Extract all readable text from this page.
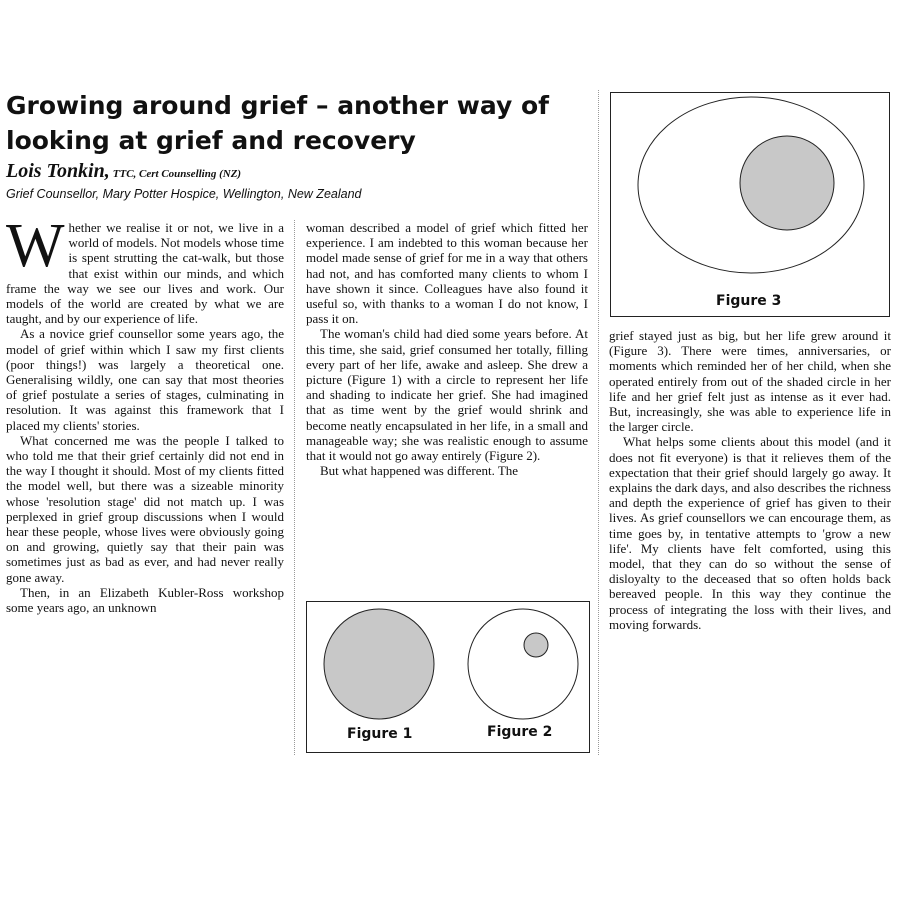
Growing around grief – another way of
looking at grief and recovery
Lois Tonkin, TTC, Cert Counselling (NZ)
Grief Counsellor, Mary Potter Hospice, Wellington, New Zealand

Whether we realise it or not, we live in a world of models. Not models whose time is spent strutting the cat-walk, but those that exist within our minds, and which frame the way we see our lives and work. Our models of the world are created by what we are taught, and by our experience of life.

As a novice grief counsellor some years ago, the model of grief within which I saw my first clients (poor things!) was largely a theoretical one. Generalising wildly, one can say that most theories of grief postulate a series of stages, culminating in resolution. It was against this framework that I placed my clients' stories.

What concerned me was the people I talked to who told me that their grief certainly did not end in the way I thought it should. Most of my clients fitted the model well, but there was a sizeable minority whose 'resolution stage' did not match up. I was perplexed in grief group discussions when I would hear these people, whose lives were obviously going on and growing, quietly say that their pain was sometimes just as bad as ever, and had never really gone away.

Then, in an Elizabeth Kubler-Ross workshop some years ago, an unknown

woman described a model of grief which fitted her experience. I am indebted to this woman because her model made sense of grief for me in a way that others had not, and has comforted many clients to whom I have shown it since. Colleagues have also found it useful so, with thanks to a woman I do not know, I pass it on.

The woman's child had died some years before. At this time, she said, grief consumed her totally, filling every part of her life, awake and asleep. She drew a picture (Figure 1) with a circle to represent her life and shading to indicate her grief. She had imagined that as time went by the grief would shrink and become neatly encapsulated in her life, in a small and manageable way; she was realistic enough to assume that it would not go away entirely (Figure 2).

But what happened was different. The

Figure 1	Figure 2
Figure 3

grief stayed just as big, but her life grew around it (Figure 3). There were times, anniversaries, or moments which reminded her of her child, when she operated entirely from out of the shaded circle in her life and her grief felt just as intense as it ever had. But, increasingly, she was able to experience life in the larger circle.

What helps some clients about this model (and it does not fit everyone) is that it relieves them of the expectation that their grief should largely go away. It explains the dark days, and also describes the richness and depth the experience of grief has given to their lives. As grief counsellors we can encourage them, as time goes by, in tentative attempts to 'grow a new life'. My clients have felt comforted, using this model, that they can do so without the sense of disloyalty to the deceased that so often holds back bereaved people. In this way they continue the process of integrating the loss with their lives, and moving forwards.
